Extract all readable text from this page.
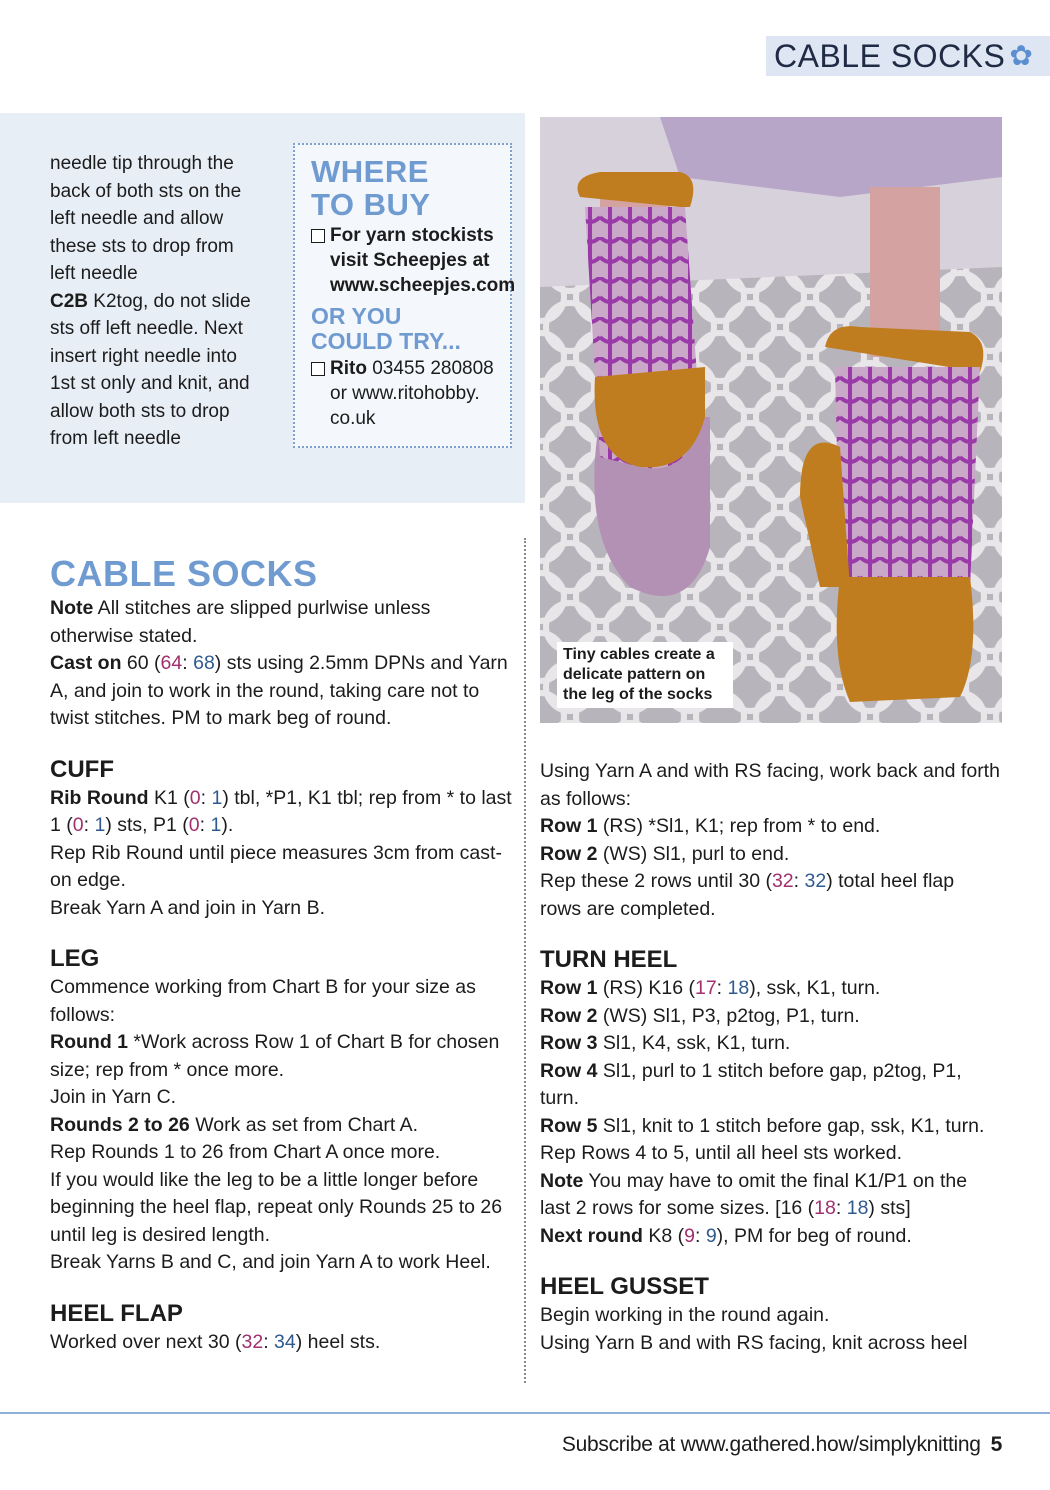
CABLE SOCKS ✿
needle tip through the
back of both sts on the
left needle and allow
these sts to drop from
left needle
C2B K2tog, do not slide
sts off left needle. Next
insert right needle into
1st st only and knit, and
allow both sts to drop
from left needle
WHERE
TO BUY
For yarn stockists
visit Scheepjes at
www.scheepjes.com
OR YOU
COULD TRY...
Rito 03455 280808
or www.ritohobby.
co.uk
Tiny cables create a delicate pattern on the leg of the socks
CABLE SOCKS
Note All stitches are slipped purlwise unless otherwise stated.
Cast on 60 (64: 68) sts using 2.5mm DPNs and Yarn A, and join to work in the round, taking care not to twist stitches. PM to mark beg of round.
CUFF
Rib Round K1 (0: 1) tbl, *P1, K1 tbl; rep from * to last 1 (0: 1) sts, P1 (0: 1).
Rep Rib Round until piece measures 3cm from cast-on edge.
Break Yarn A and join in Yarn B.
LEG
Commence working from Chart B for your size as follows:
Round 1 *Work across Row 1 of Chart B for chosen size; rep from * once more.
Join in Yarn C.
Rounds 2 to 26 Work as set from Chart A.
Rep Rounds 1 to 26 from Chart A once more.
If you would like the leg to be a little longer before beginning the heel flap, repeat only Rounds 25 to 26 until leg is desired length.
Break Yarns B and C, and join Yarn A to work Heel.
HEEL FLAP
Worked over next 30 (32: 34) heel sts.
Using Yarn A and with RS facing, work back and forth as follows:
Row 1 (RS) *Sl1, K1; rep from * to end.
Row 2 (WS) Sl1, purl to end.
Rep these 2 rows until 30 (32: 32) total heel flap rows are completed.
TURN HEEL
Row 1 (RS) K16 (17: 18), ssk, K1, turn.
Row 2 (WS) Sl1, P3, p2tog, P1, turn.
Row 3 Sl1, K4, ssk, K1, turn.
Row 4 Sl1, purl to 1 stitch before gap, p2tog, P1, turn.
Row 5 Sl1, knit to 1 stitch before gap, ssk, K1, turn.
Rep Rows 4 to 5, until all heel sts worked.
Note You may have to omit the final K1/P1 on the last 2 rows for some sizes. [16 (18: 18) sts]
Next round K8 (9: 9), PM for beg of round.
HEEL GUSSET
Begin working in the round again.
Using Yarn B and with RS facing, knit across heel
Subscribe at www.gathered.how/simplyknitting 5
